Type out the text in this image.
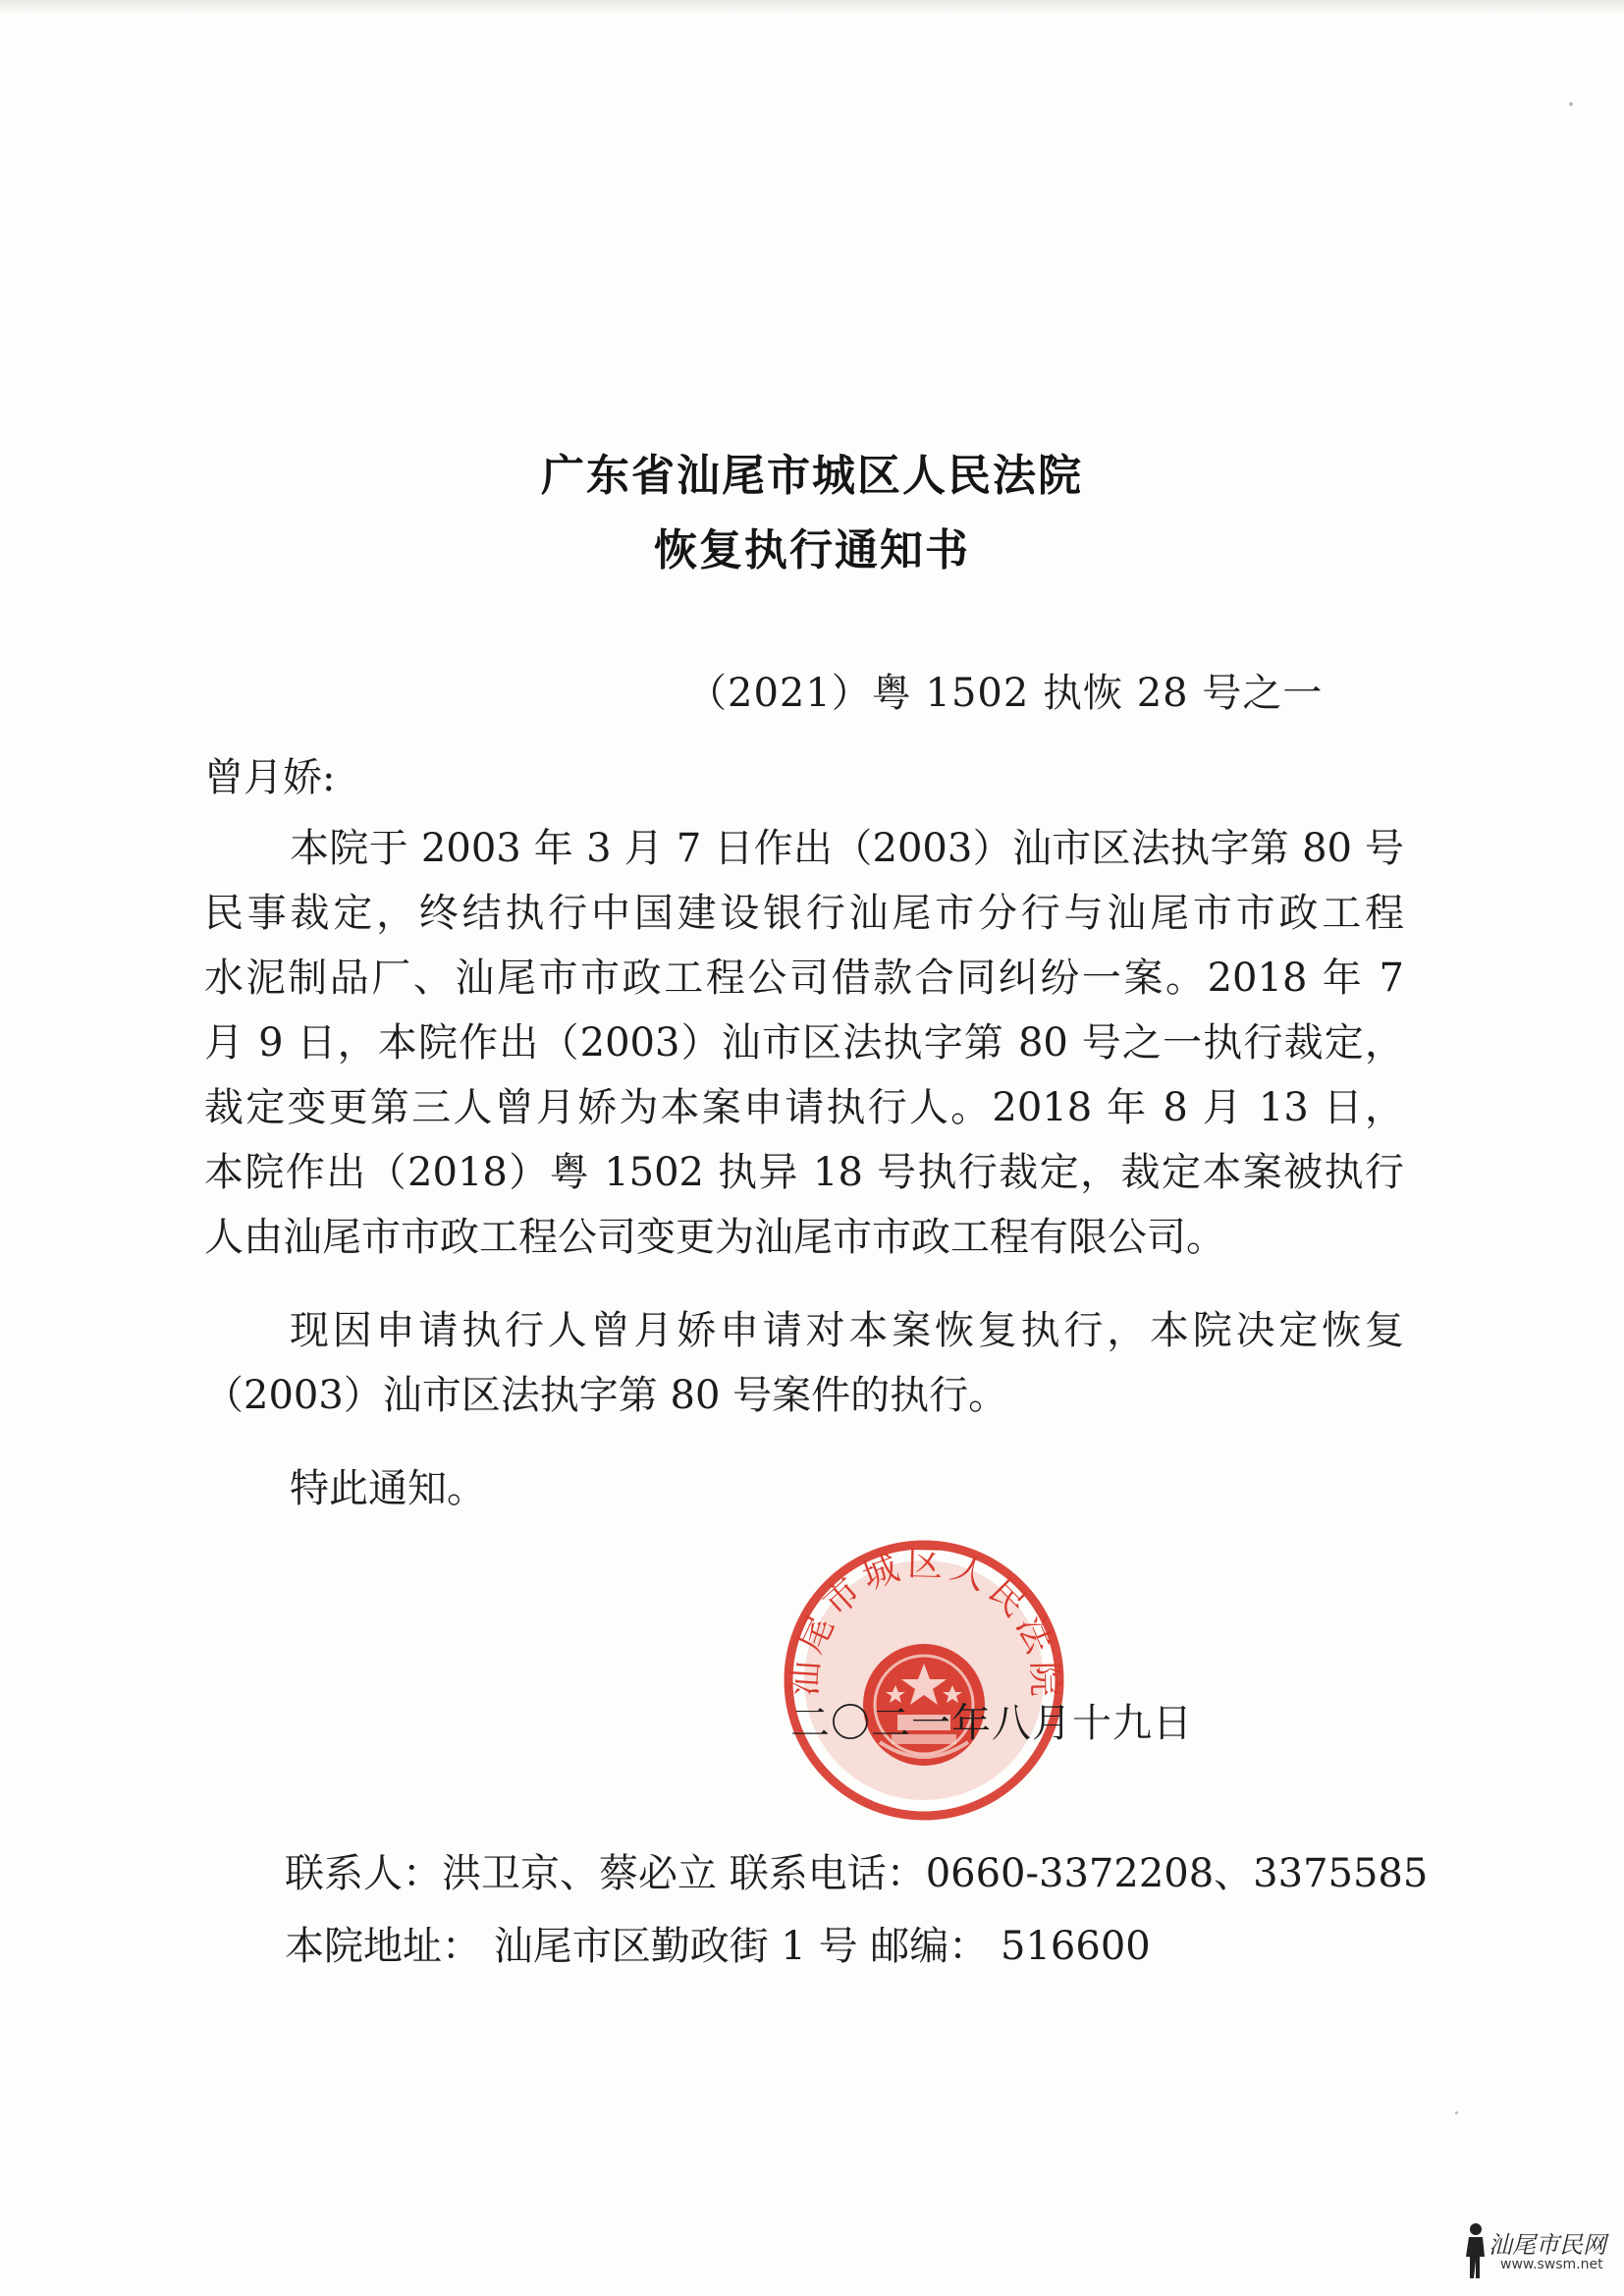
广东省汕尾市城区人民法院
恢复执行通知书
（2021）粤 1502 执恢 28 号之一
曾月娇:
本院于 2003 年 3 月 7 日作出（2003）汕市区法执字第 80 号
民事裁定，终结执行中国建设银行汕尾市分行与汕尾市市政工程
水泥制品厂、汕尾市市政工程公司借款合同纠纷一案。2018 年 7
月 9 日，本院作出（2003）汕市区法执字第 80 号之一执行裁定，
裁定变更第三人曾月娇为本案申请执行人。2018 年 8 月 13 日，
本院作出（2018）粤 1502 执异 18 号执行裁定，裁定本案被执行
人由汕尾市市政工程公司变更为汕尾市市政工程有限公司。
现因申请执行人曾月娇申请对本案恢复执行，本院决定恢复
（2003）汕市区法执字第 80 号案件的执行。
特此通知。
汕尾市城区人民法院
二〇二一年八月十九日
联系人：洪卫京、蔡必立 联系电话：0660-3372208、3375585
本院地址： 汕尾市区勤政街 1 号 邮编： 516600
汕尾市民网
www.swsm.net
